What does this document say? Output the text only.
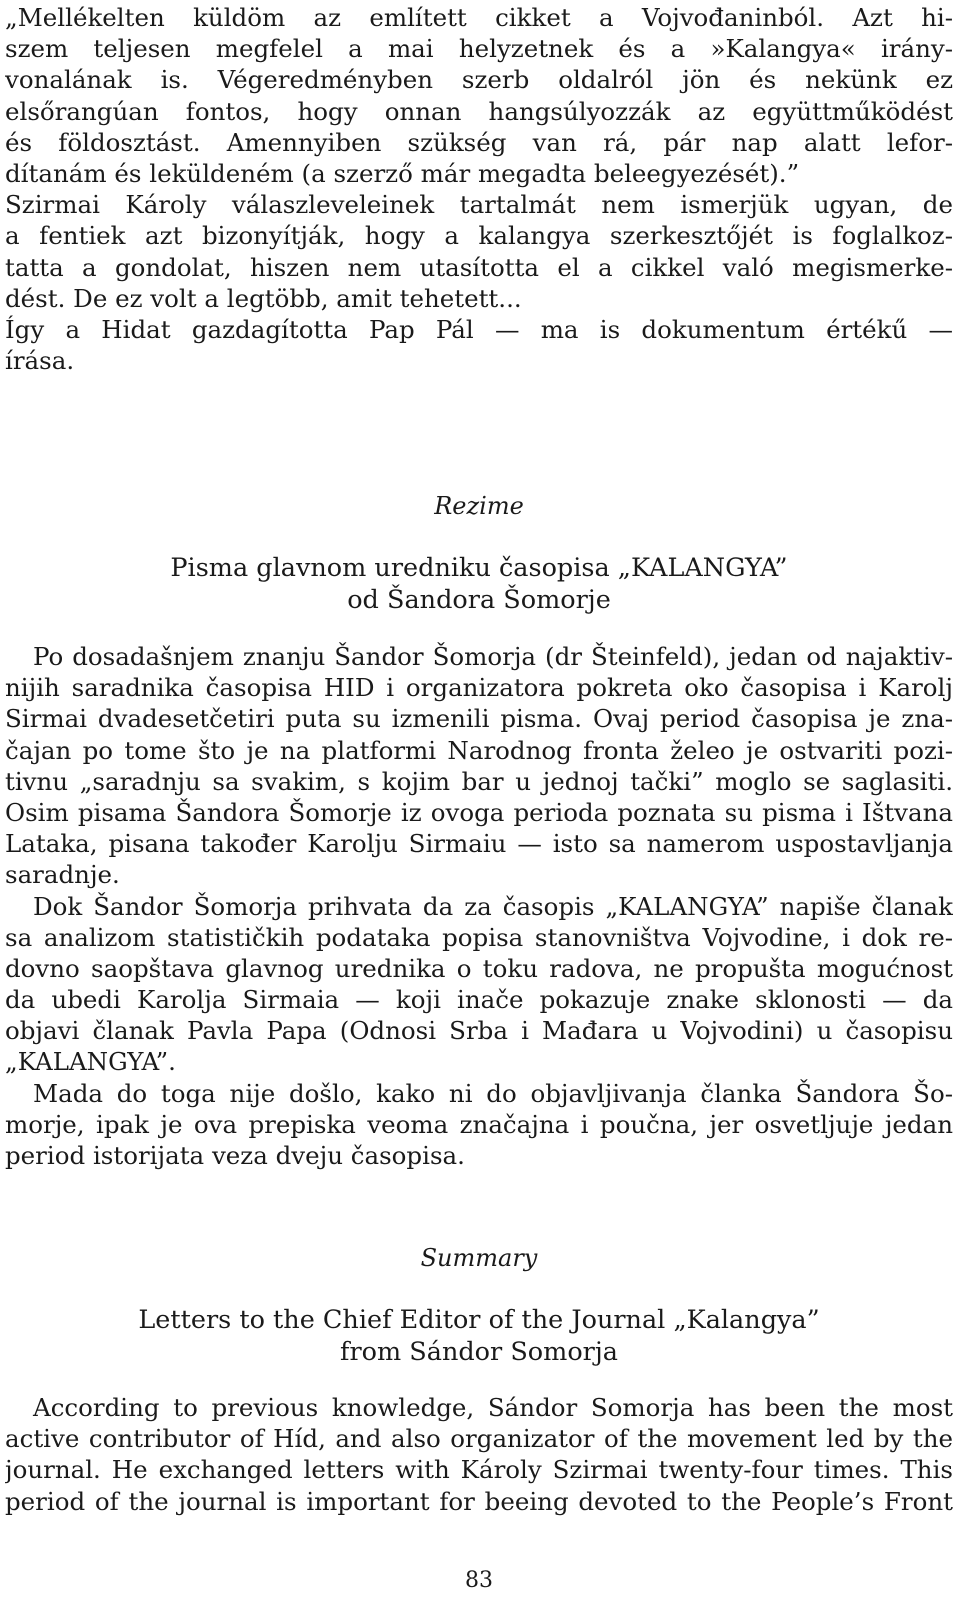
„Mellékelten küldöm az említett cikket a Vojvođaninból. Azt hi-
szem teljesen megfelel a mai helyzetnek és a »Kalangya« irány-
vonalának is. Végeredményben szerb oldalról jön és nekünk ez
elsőrangúan fontos, hogy onnan hangsúlyozzák az együttműködést
és földosztást. Amennyiben szükség van rá, pár nap alatt lefor-
dítanám és leküldeném (a szerző már megadta beleegyezését).”
Szirmai Károly válaszleveleinek tartalmát nem ismerjük ugyan, de
a fentiek azt bizonyítják, hogy a kalangya szerkesztőjét is foglalkoz-
tatta a gondolat, hiszen nem utasította el a cikkel való megismerke-
dést. De ez volt a legtöbb, amit tehetett...
Így a Hidat gazdagította Pap Pál — ma is dokumentum értékű —
írása.
Rezime
Pisma glavnom uredniku časopisa „KALANGYA”
od Šandora Šomorje
Po dosadašnjem znanju Šandor Šomorja (dr Šteinfeld), jedan od najaktiv-
nijih saradnika časopisa HID i organizatora pokreta oko časopisa i Karolj
Sirmai dvadesetčetiri puta su izmenili pisma. Ovaj period časopisa je zna-
čajan po tome što je na platformi Narodnog fronta želeo je ostvariti pozi-
tivnu „saradnju sa svakim, s kojim bar u jednoj tački” moglo se saglasiti.
Osim pisama Šandora Šomorje iz ovoga perioda poznata su pisma i Ištvana
Lataka, pisana također Karolju Sirmaiu — isto sa namerom uspostavljanja
saradnje.
Dok Šandor Šomorja prihvata da za časopis „KALANGYA” napiše članak
sa analizom statističkih podataka popisa stanovništva Vojvodine, i dok re-
dovno saopštava glavnog urednika o toku radova, ne propušta mogućnost
da ubedi Karolja Sirmaia — koji inače pokazuje znake sklonosti — da
objavi članak Pavla Papa (Odnosi Srba i Mađara u Vojvodini) u časopisu
„KALANGYA”.
Mada do toga nije došlo, kako ni do objavljivanja članka Šandora Šo-
morje, ipak je ova prepiska veoma značajna i poučna, jer osvetljuje jedan
period istorijata veza dveju časopisa.
Summary
Letters to the Chief Editor of the Journal „Kalangya”
from Sándor Somorja
According to previous knowledge, Sándor Somorja has been the most
active contributor of Híd, and also organizator of the movement led by the
journal. He exchanged letters with Károly Szirmai twenty-four times. This
period of the journal is important for beeing devoted to the People’s Front
83
